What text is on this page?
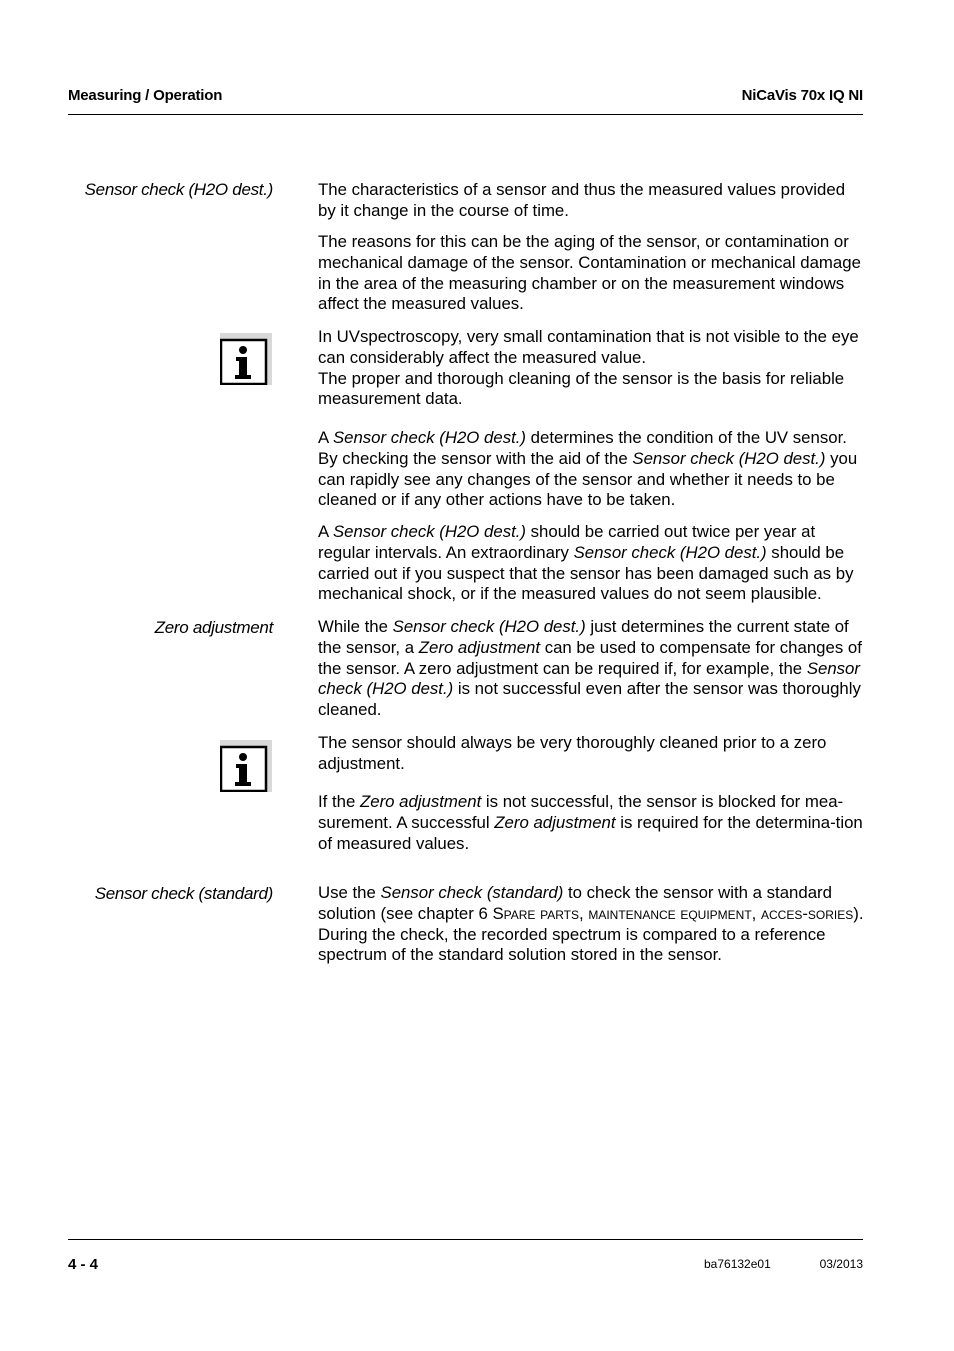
Measuring / Operation	NiCaVis 70x IQ NI
Sensor check (H2O dest.)	The characteristics of a sensor and thus the measured values provided by it change in the course of time.

The reasons for this can be the aging of the sensor, or contamination or mechanical damage of the sensor. Contamination or mechanical damage in the area of the measuring chamber or on the measurement windows affect the measured values.

In UVspectroscopy, very small contamination that is not visible to the eye can considerably affect the measured value.
The proper and thorough cleaning of the sensor is the basis for reliable measurement data.

A Sensor check (H2O dest.) determines the condition of the UV sensor. By checking the sensor with the aid of the Sensor check (H2O dest.) you can rapidly see any changes of the sensor and whether it needs to be cleaned or if any other actions have to be taken.

A Sensor check (H2O dest.) should be carried out twice per year at regular intervals. An extraordinary Sensor check (H2O dest.) should be carried out if you suspect that the sensor has been damaged such as by mechanical shock, or if the measured values do not seem plausible.

Zero adjustment	While the Sensor check (H2O dest.) just determines the current state of the sensor, a Zero adjustment can be used to compensate for changes of the sensor. A zero adjustment can be required if, for example, the Sensor check (H2O dest.) is not successful even after the sensor was thoroughly cleaned.

The sensor should always be very thoroughly cleaned prior to a zero adjustment.

If the Zero adjustment is not successful, the sensor is blocked for mea-surement. A successful Zero adjustment is required for the determina-tion of measured values.

Sensor check (standard)	Use the Sensor check (standard) to check the sensor with a standard solution (see chapter 6 Spare parts, maintenance equipment, acces-sories). During the check, the recorded spectrum is compared to a reference spectrum of the standard solution stored in the sensor.

4 - 4	ba76132e01	03/2013
